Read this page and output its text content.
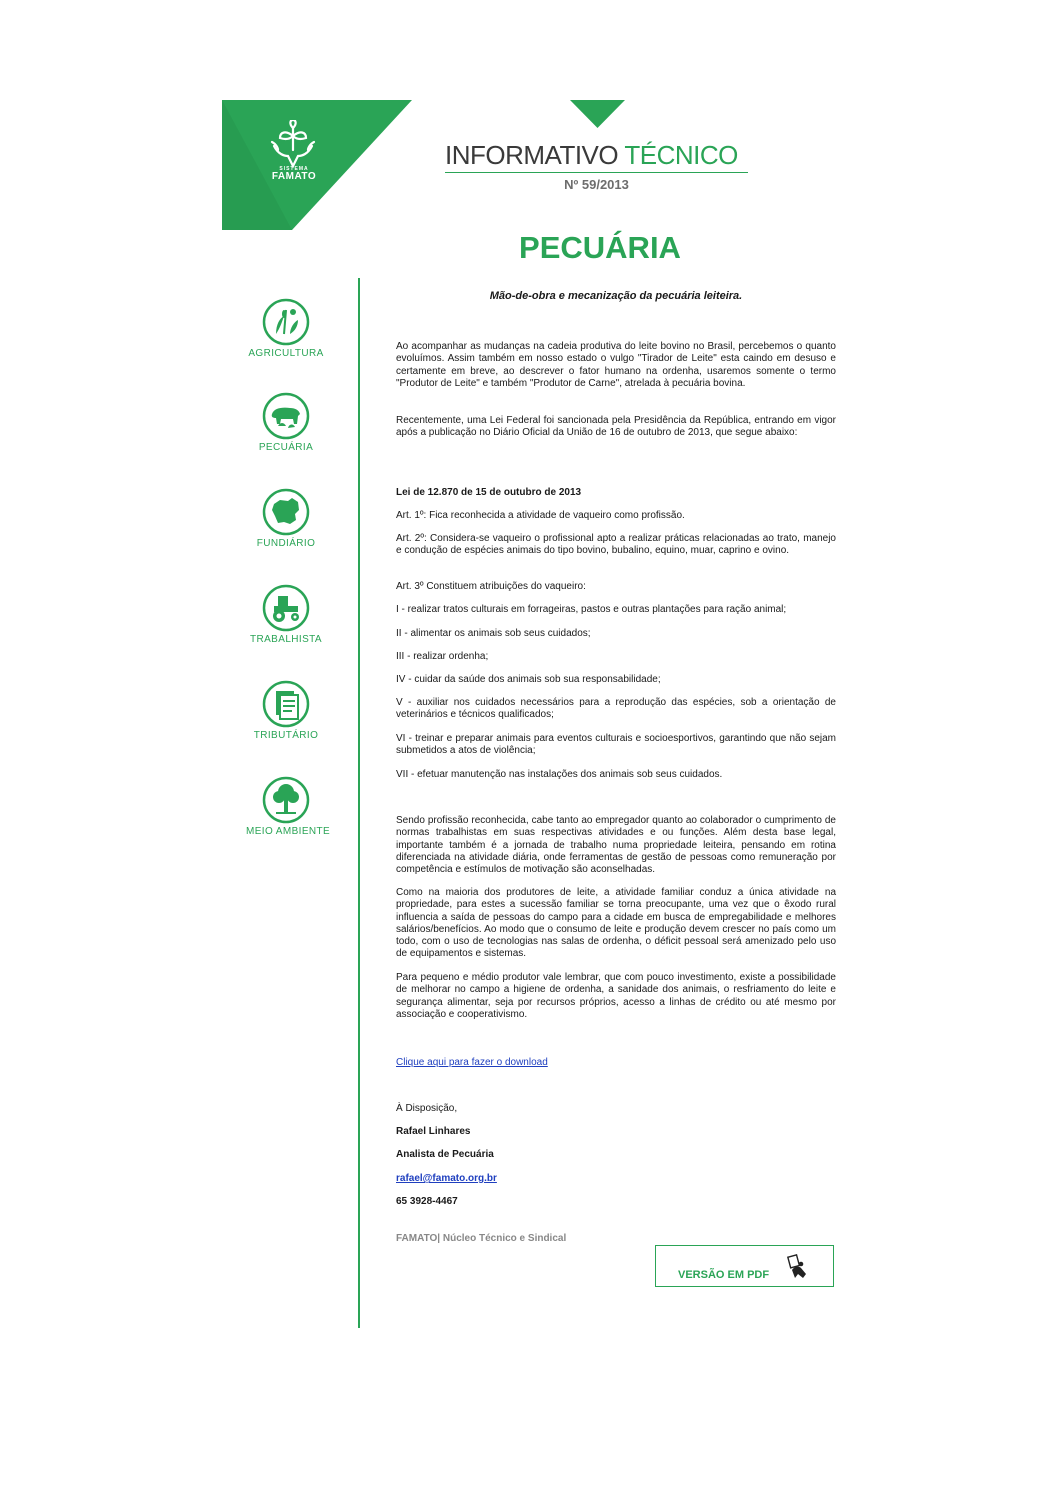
SISTEMA
FAMATO
INFORMATIVO TÉCNICO
Nº 59/2013
PECUÁRIA
Mão-de-obra e mecanização da pecuária leiteira.
AGRICULTURA
PECUÁRIA
FUNDIÁRIO
TRABALHISTA
TRIBUTÁRIO
MEIO AMBIENTE

Ao acompanhar as mudanças na cadeia produtiva do leite bovino no Brasil, percebemos o quanto evoluímos. Assim também em nosso estado o vulgo "Tirador de Leite" esta caindo em desuso e certamente em breve, ao descrever o fator humano na ordenha, usaremos somente o termo "Produtor de Leite" e também "Produtor de Carne", atrelada à pecuária bovina.

Recentemente, uma Lei Federal foi sancionada pela Presidência da República, entrando em vigor após a publicação no Diário Oficial da União de 16 de outubro de 2013, que segue abaixo:

Lei de 12.870 de 15 de outubro de 2013
Art. 1º: Fica reconhecida a atividade de vaqueiro como profissão.
Art. 2º: Considera-se vaqueiro o profissional apto a realizar práticas relacionadas ao trato, manejo e condução de espécies animais do tipo bovino, bubalino, equino, muar, caprino e ovino.
Art. 3º Constituem atribuições do vaqueiro:
I - realizar tratos culturais em forrageiras, pastos e outras plantações para ração animal;
II - alimentar os animais sob seus cuidados;
III - realizar ordenha;
IV - cuidar da saúde dos animais sob sua responsabilidade;
V - auxiliar nos cuidados necessários para a reprodução das espécies, sob a orientação de veterinários e técnicos qualificados;
VI - treinar e preparar animais para eventos culturais e socioesportivos, garantindo que não sejam submetidos a atos de violência;
VII - efetuar manutenção nas instalações dos animais sob seus cuidados.
Sendo profissão reconhecida, cabe tanto ao empregador quanto ao colaborador o cumprimento de normas trabalhistas em suas respectivas atividades e ou funções. Além desta base legal, importante também é a jornada de trabalho numa propriedade leiteira, pensando em rotina diferenciada na atividade diária, onde ferramentas de gestão de pessoas como remuneração por competência e estímulos de motivação são aconselhadas.
Como na maioria dos produtores de leite, a atividade familiar conduz a única atividade na propriedade, para estes a sucessão familiar se torna preocupante, uma vez que o êxodo rural influencia a saída de pessoas do campo para a cidade em busca de empregabilidade e melhores salários/benefícios. Ao modo que o consumo de leite e produção devem crescer no país como um todo, com o uso de tecnologias nas salas de ordenha, o déficit pessoal será amenizado pelo uso de equipamentos e sistemas.
Para pequeno e médio produtor vale lembrar, que com pouco investimento, existe a possibilidade de melhorar no campo a higiene de ordenha, a sanidade dos animais, o resfriamento do leite e segurança alimentar, seja por recursos próprios, acesso a linhas de crédito ou até mesmo por associação e cooperativismo.
Clique aqui para fazer o download
À Disposição,
Rafael Linhares
Analista de Pecuária
rafael@famato.org.br
65 3928-4467
FAMATO| Núcleo Técnico e Sindical
VERSÃO EM PDF
